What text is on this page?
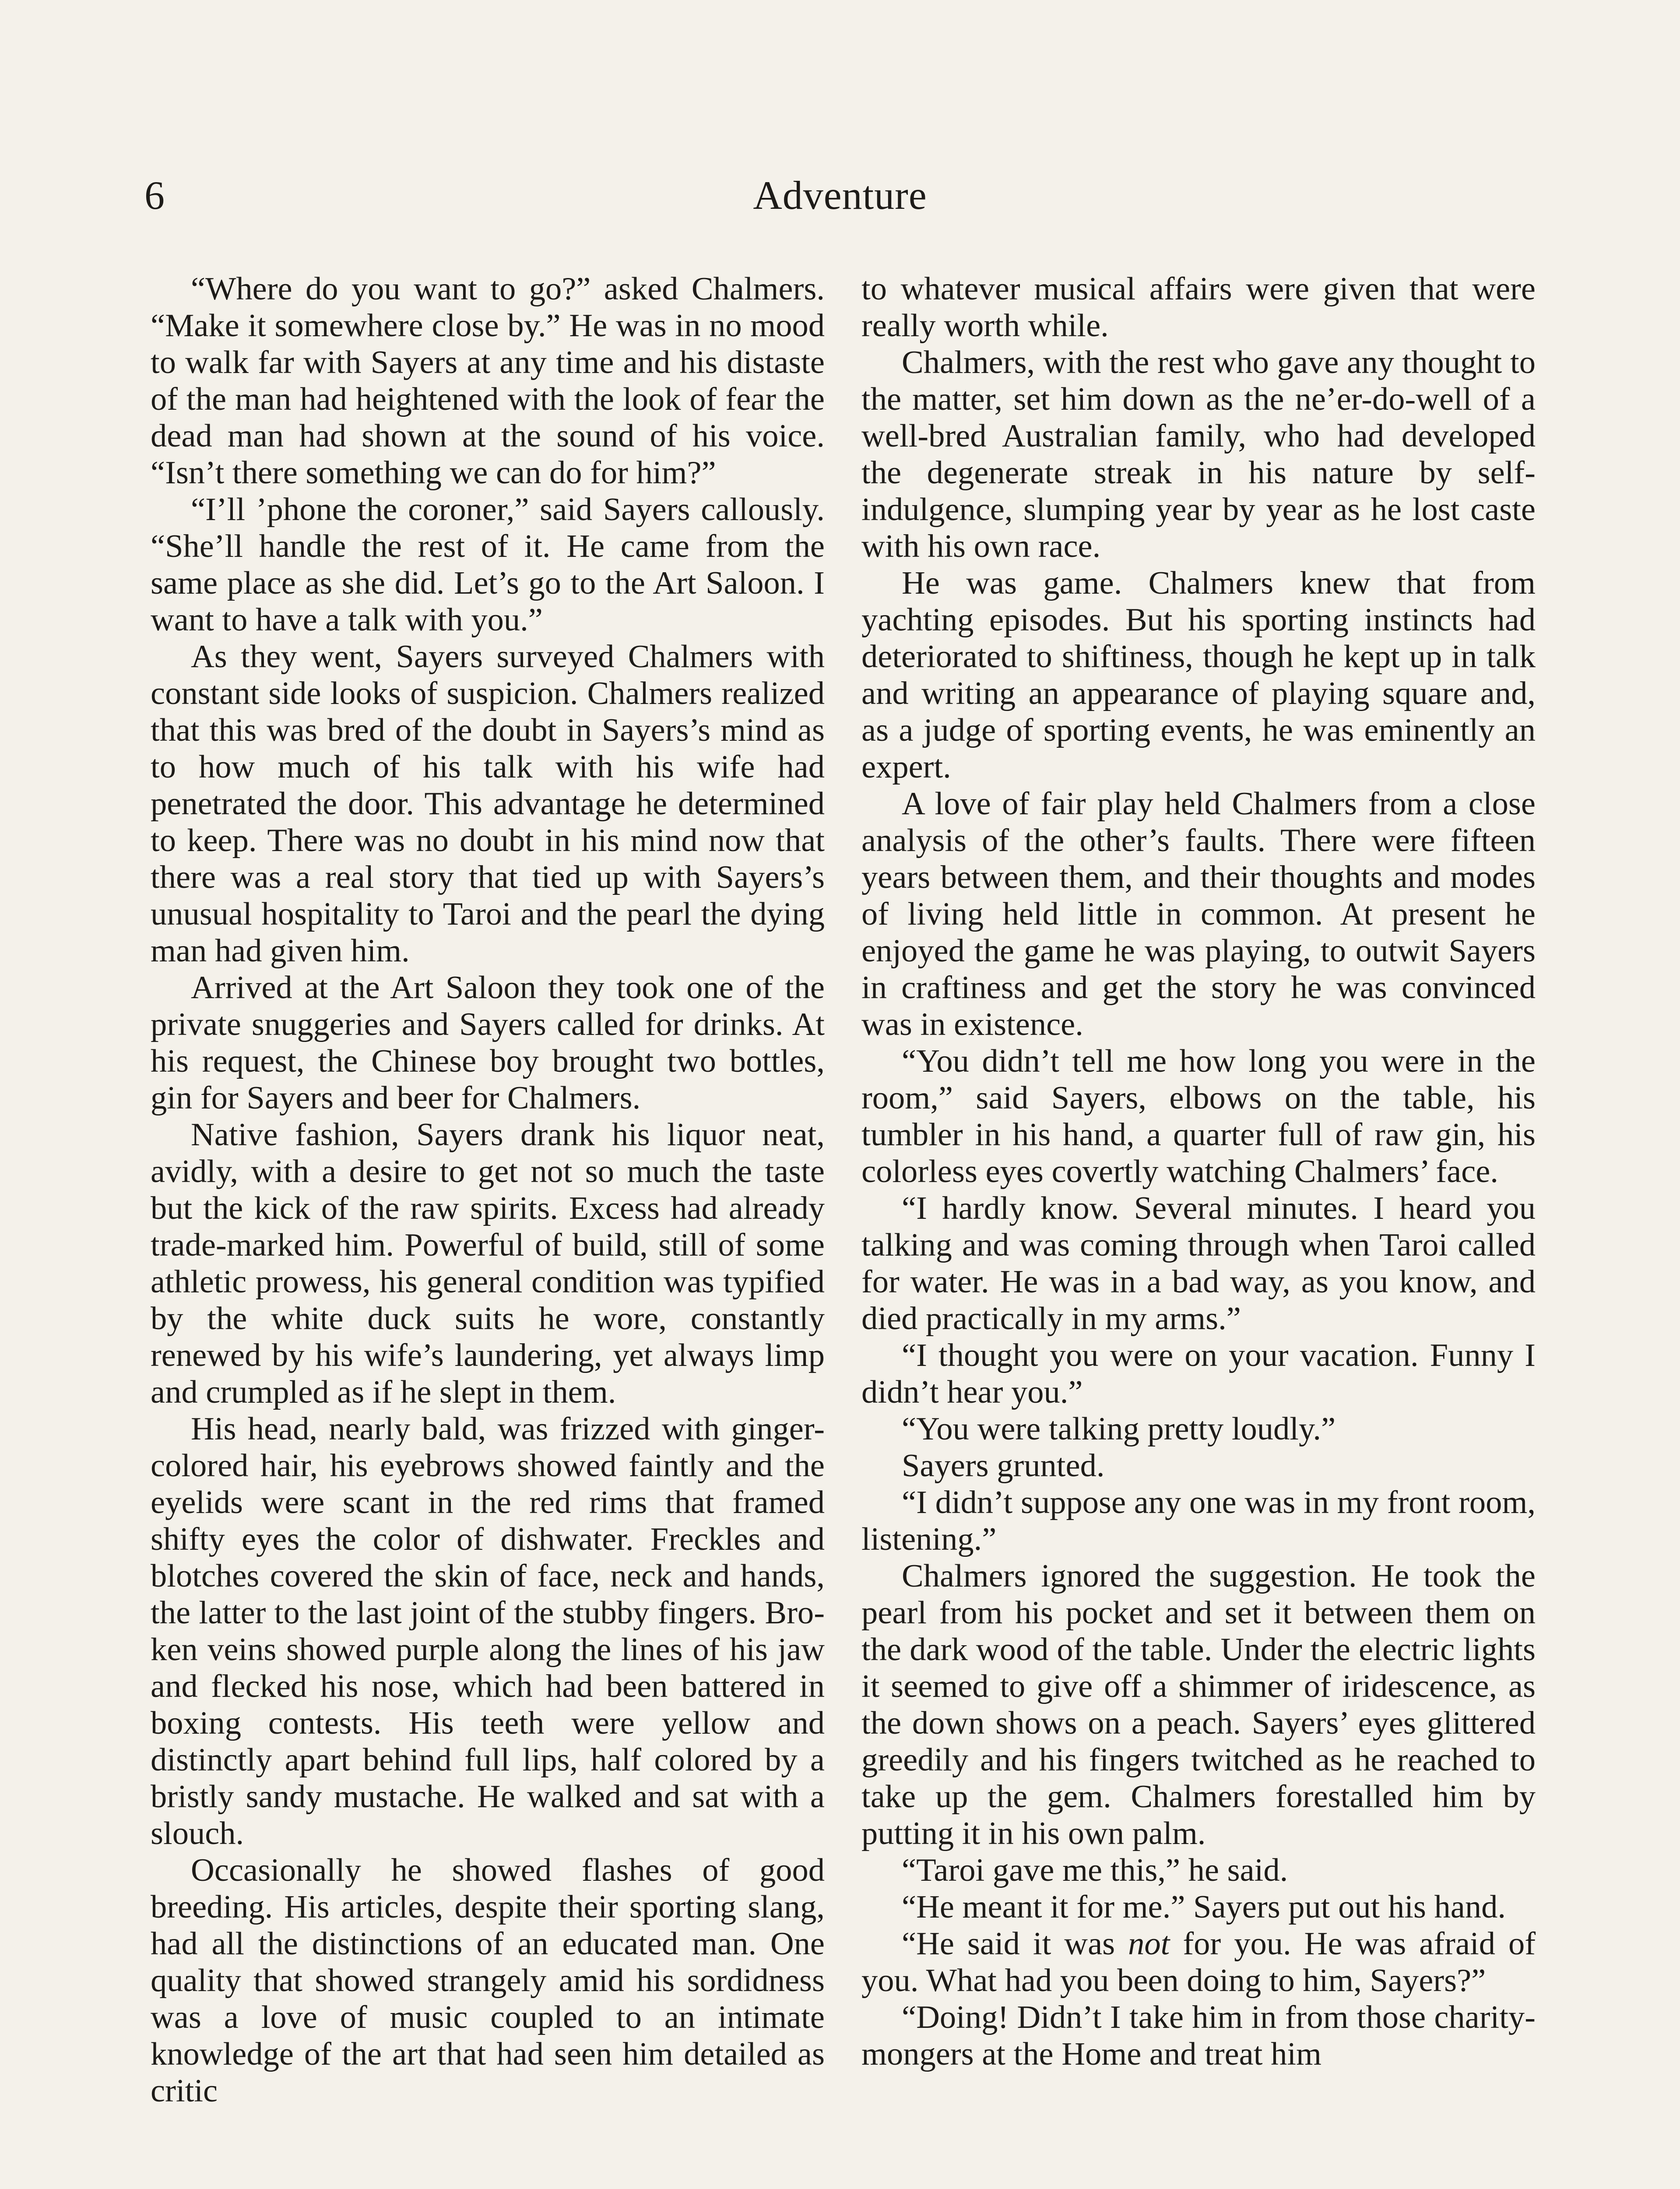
6	Adventure

“Where do you want to go?” asked Chalmers. “Make it somewhere close by.” He was in no mood to walk far with Sayers at any time and his distaste of the man had heightened with the look of fear the dead man had shown at the sound of his voice. “Isn’t there something we can do for him?”

“I’ll ’phone the coroner,” said Sayers callously. “She’ll handle the rest of it. He came from the same place as she did. Let’s go to the Art Saloon. I want to have a talk with you.”

As they went, Sayers surveyed Chalmers with constant side looks of suspicion. Chalmers realized that this was bred of the doubt in Sayers’s mind as to how much of his talk with his wife had penetrated the door. This advantage he determined to keep. There was no doubt in his mind now that there was a real story that tied up with Sayers’s unusual hospitality to Taroi and the pearl the dying man had given him.

Arrived at the Art Saloon they took one of the private snuggeries and Sayers called for drinks. At his request, the Chinese boy brought two bottles, gin for Sayers and beer for Chalmers.

Native fashion, Sayers drank his liquor neat, avidly, with a desire to get not so much the taste but the kick of the raw spirits. Excess had already trade-marked him. Powerful of build, still of some athletic prowess, his general condition was typified by the white duck suits he wore, constantly renewed by his wife’s laundering, yet always limp and crumpled as if he slept in them.

His head, nearly bald, was frizzed with ginger-colored hair, his eyebrows showed faintly and the eyelids were scant in the red rims that framed shifty eyes the color of dishwater. Freckles and blotches covered the skin of face, neck and hands, the latter to the last joint of the stubby fingers. Broken veins showed purple along the lines of his jaw and flecked his nose, which had been battered in boxing contests. His teeth were yellow and distinctly apart behind full lips, half colored by a bristly sandy mustache. He walked and sat with a slouch.

Occasionally he showed flashes of good breeding. His articles, despite their sporting slang, had all the distinctions of an educated man. One quality that showed strangely amid his sordidness was a love of music coupled to an intimate knowledge of the art that had seen him detailed as critic

to whatever musical affairs were given that were really worth while.

Chalmers, with the rest who gave any thought to the matter, set him down as the ne’er-do-well of a well-bred Australian family, who had developed the degenerate streak in his nature by self-indulgence, slumping year by year as he lost caste with his own race.

He was game. Chalmers knew that from yachting episodes. But his sporting instincts had deteriorated to shiftiness, though he kept up in talk and writing an appearance of playing square and, as a judge of sporting events, he was eminently an expert.

A love of fair play held Chalmers from a close analysis of the other’s faults. There were fifteen years between them, and their thoughts and modes of living held little in common. At present he enjoyed the game he was playing, to outwit Sayers in craftiness and get the story he was convinced was in existence.

“You didn’t tell me how long you were in the room,” said Sayers, elbows on the table, his tumbler in his hand, a quarter full of raw gin, his colorless eyes covertly watching Chalmers’ face.

“I hardly know. Several minutes. I heard you talking and was coming through when Taroi called for water. He was in a bad way, as you know, and died practically in my arms.”

“I thought you were on your vacation. Funny I didn’t hear you.”

“You were talking pretty loudly.”

Sayers grunted.

“I didn’t suppose any one was in my front room, listening.”

Chalmers ignored the suggestion. He took the pearl from his pocket and set it between them on the dark wood of the table. Under the electric lights it seemed to give off a shimmer of iridescence, as the down shows on a peach. Sayers’ eyes glittered greedily and his fingers twitched as he reached to take up the gem. Chalmers forestalled him by putting it in his own palm.

“Taroi gave me this,” he said.

“He meant it for me.” Sayers put out his hand.

“He said it was not for you. He was afraid of you. What had you been doing to him, Sayers?”

“Doing! Didn’t I take him in from those charity-mongers at the Home and treat him
